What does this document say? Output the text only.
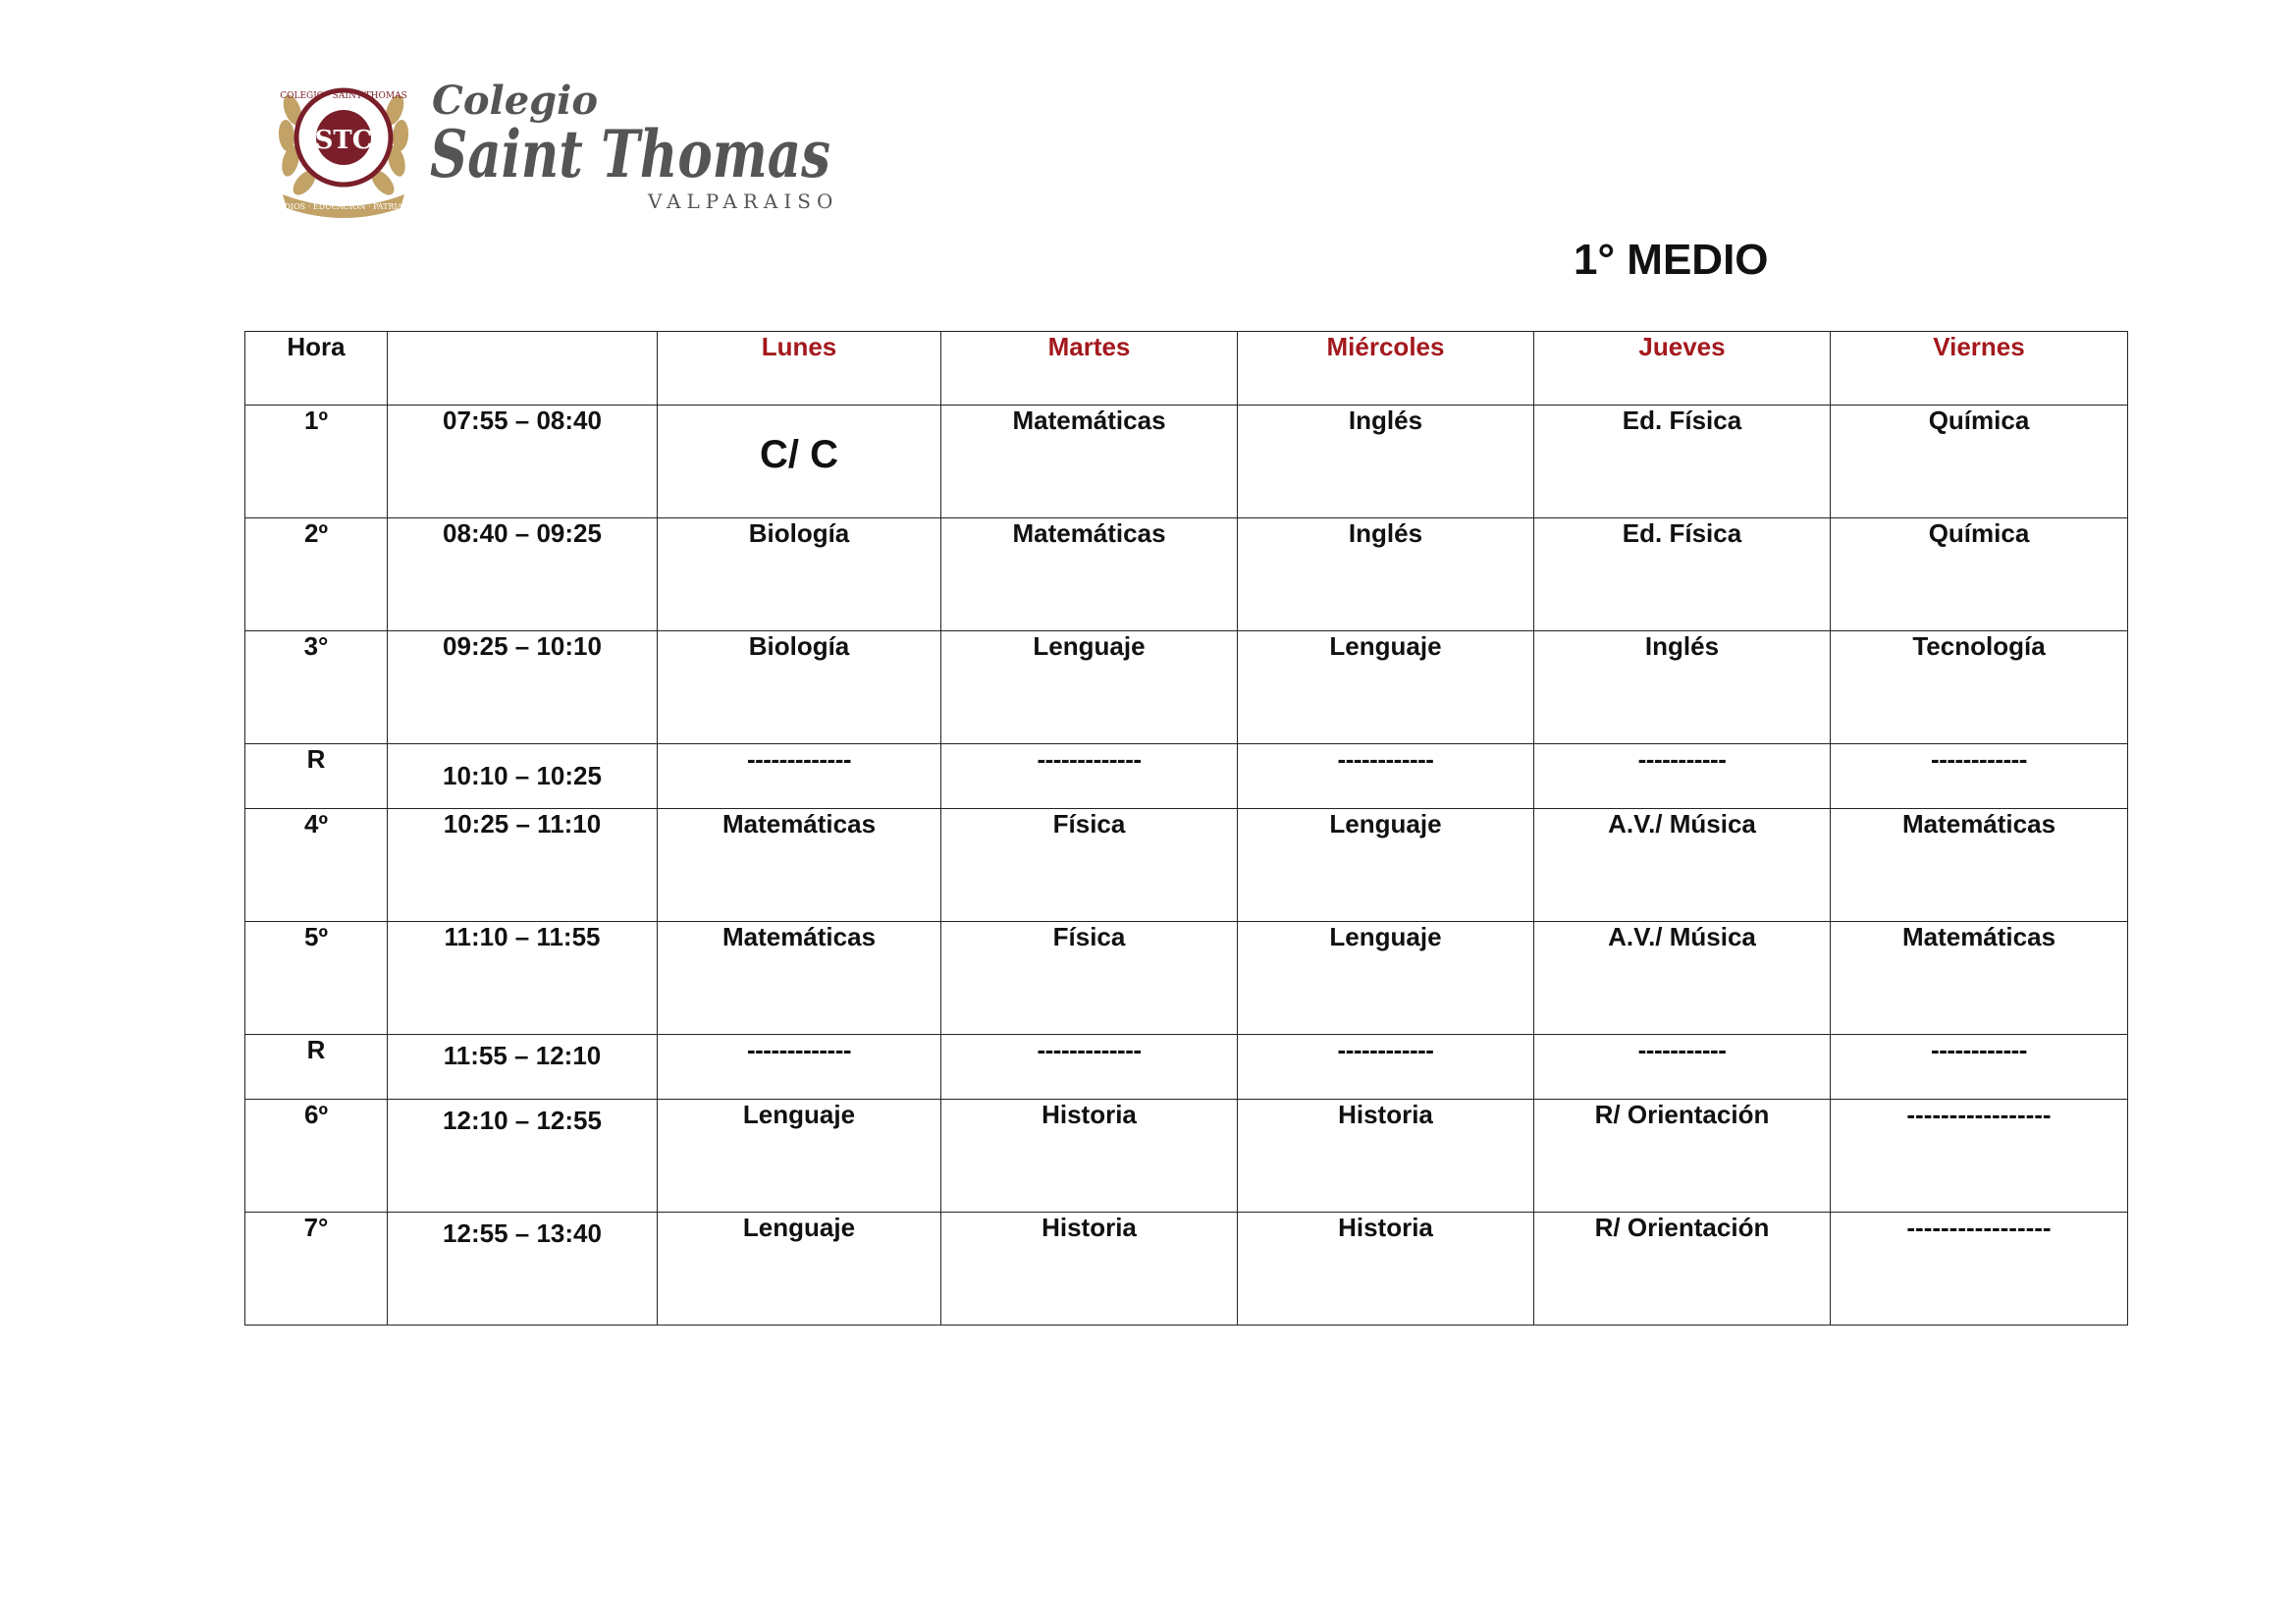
STC
COLEGIO · SAINT THOMAS
DIOS · EDUCACION · PATRIA
Colegio
Saint Thomas
VALPARAISO
1° MEDIO
Hora		Lunes	Martes	Miércoles	Jueves	Viernes
1º	07:55 – 08:40	C/ C	Matemáticas	Inglés	Ed. Física	Química
2º	08:40 – 09:25	Biología	Matemáticas	Inglés	Ed. Física	Química
3°	09:25 – 10:10	Biología	Lenguaje	Lenguaje	Inglés	Tecnología
R	10:10 – 10:25	-------------	-------------	------------	-----------	------------
4º	10:25 – 11:10	Matemáticas	Física	Lenguaje	A.V./ Música	Matemáticas
5º	11:10 – 11:55	Matemáticas	Física	Lenguaje	A.V./ Música	Matemáticas
R	11:55 – 12:10	-------------	-------------	------------	-----------	------------
6º	12:10 – 12:55	Lenguaje	Historia	Historia	R/ Orientación	-----------------
7°	12:55 – 13:40	Lenguaje	Historia	Historia	R/ Orientación	-----------------
